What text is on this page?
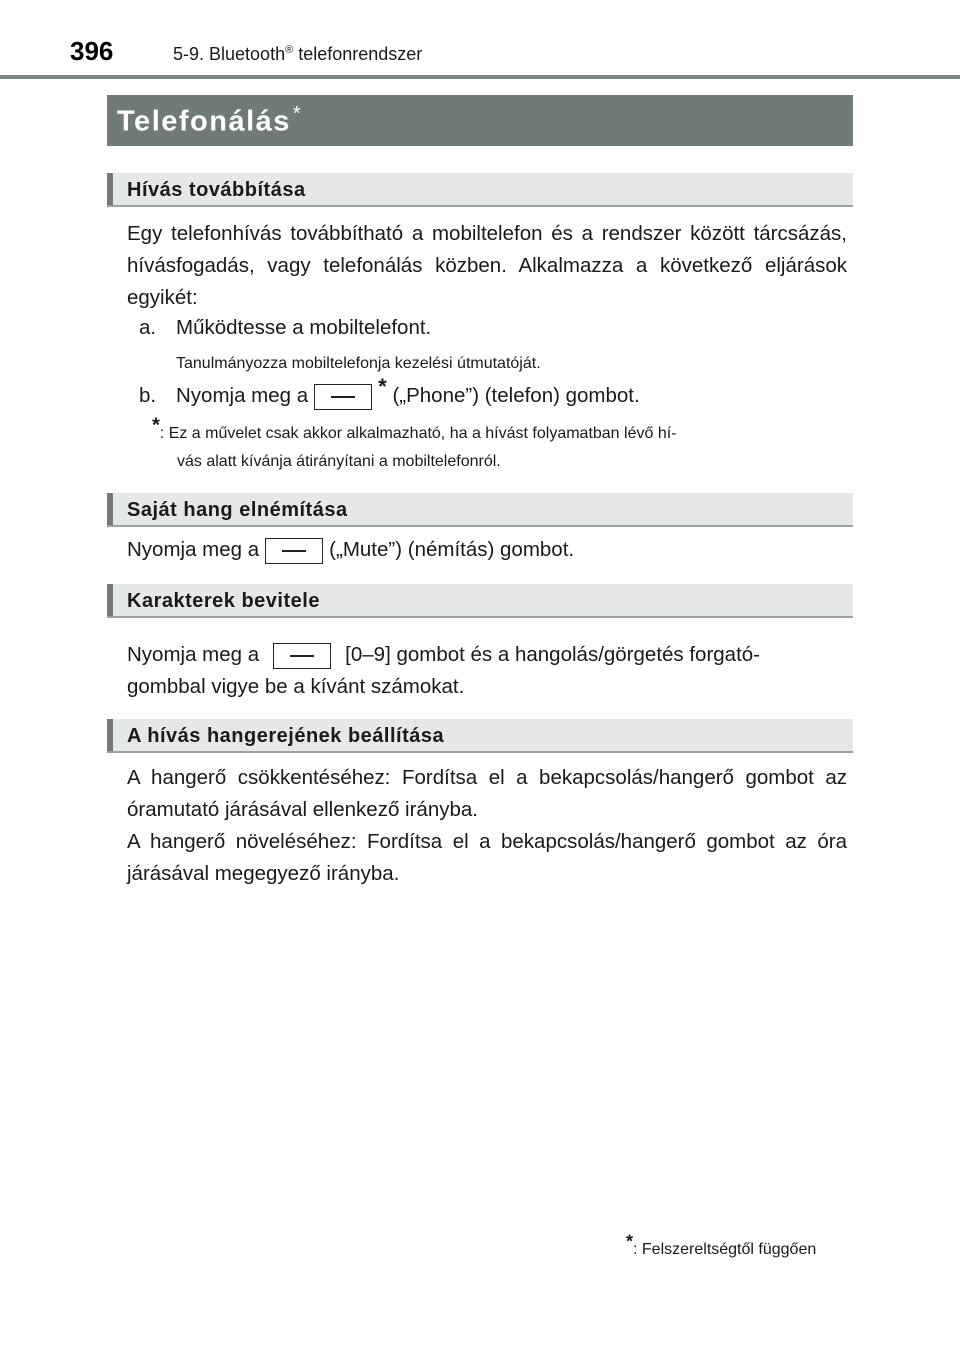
396	5-9. Bluetooth® telefonrendszer
Telefonálás *
Hívás továbbítása
Egy telefonhívás továbbítható a mobiltelefon és a rendszer között tárcsázás, hívásfogadás, vagy telefonálás közben. Alkalmazza a következő eljárások egyikét:
a. Működtesse a mobiltelefont.
Tanulmányozza mobiltelefonja kezelési útmutatóját.
b. Nyomja meg a	* („Phone”) (telefon) gombot.
*: Ez a művelet csak akkor alkalmazható, ha a hívást folyamatban lévő hí-
vás alatt kívánja átirányítani a mobiltelefonról.
Saját hang elnémítása
Nyomja meg a	(„Mute”) (némítás) gombot.
Karakterek bevitele
Nyomja meg a	[0–9] gombot és a hangolás/görgetés forgató-
gombbal vigye be a kívánt számokat.
A hívás hangerejének beállítása
A hangerő csökkentéséhez: Fordítsa el a bekapcsolás/hangerő gombot az óramutató járásával ellenkező irányba.
A hangerő növeléséhez: Fordítsa el a bekapcsolás/hangerő gombot az óra járásával megegyező irányba.
*: Felszereltségtől függően
